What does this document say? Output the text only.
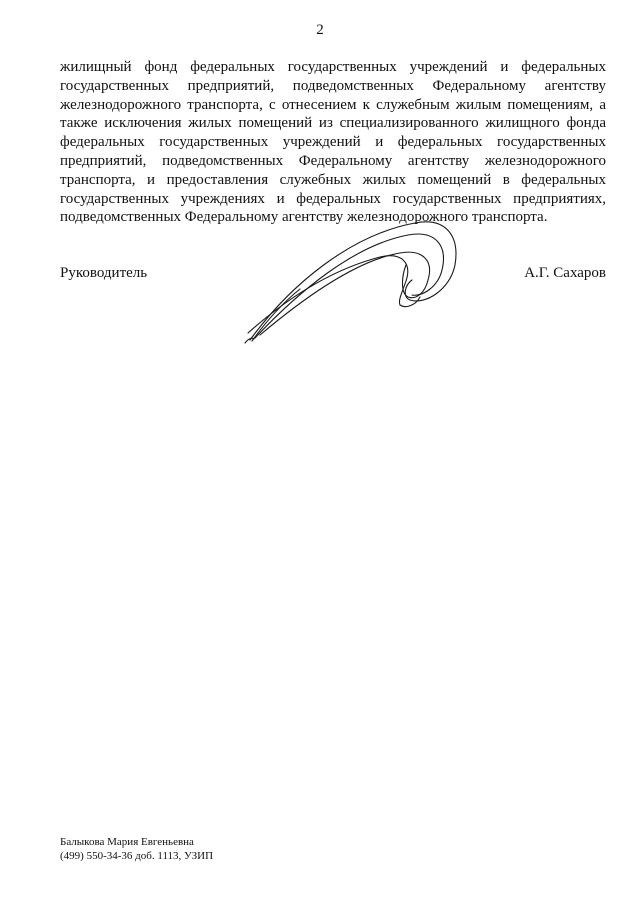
2

жилищный фонд федеральных государственных учреждений и федеральных государственных предприятий, подведомственных Федеральному агентству железнодорожного транспорта, с отнесением к служебным жилым помещениям, а также исключения жилых помещений из специализированного жилищного фонда федеральных государственных учреждений и федеральных государственных предприятий, подведомственных Федеральному агентству железнодорожного транспорта, и предоставления служебных жилых помещений в федеральных государственных учреждениях и федеральных государственных предприятиях, подведомственных Федеральному агентству железнодорожного транспорта.

Руководитель	А.Г. Сахаров
Балыкова Мария Евгеньевна
(499) 550-34-36 доб. 1113, УЗИП
